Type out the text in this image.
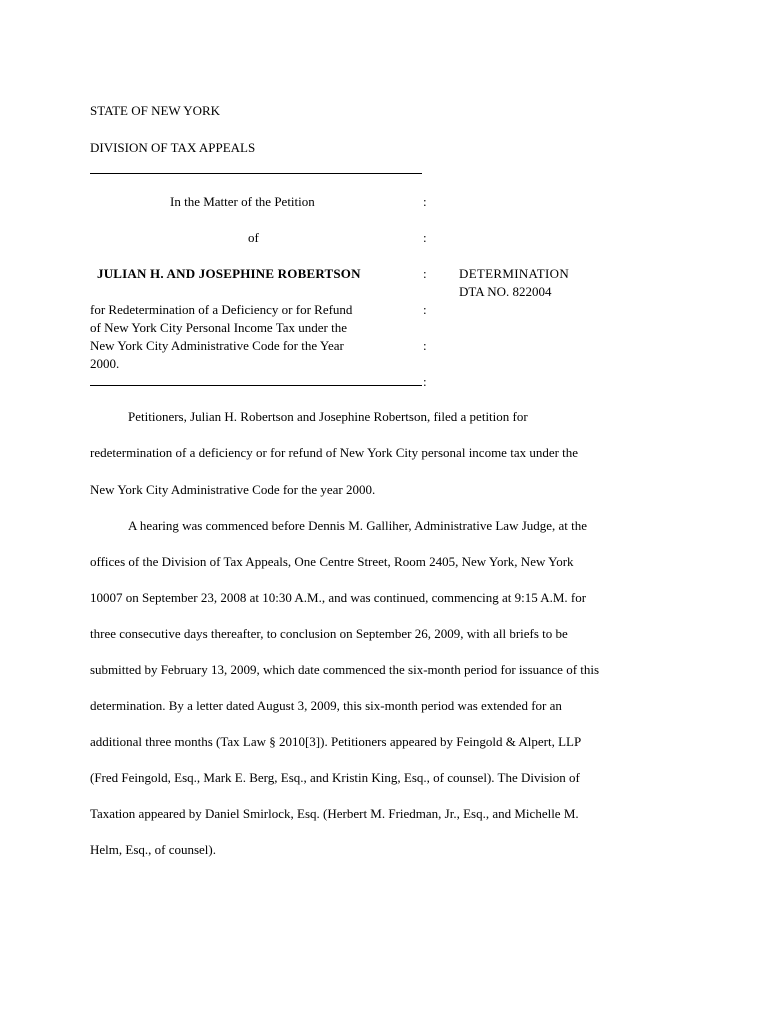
STATE OF NEW YORK
DIVISION OF TAX APPEALS
In the Matter of the Petition
of
JULIAN H. AND JOSEPHINE ROBERTSON
for Redetermination of a Deficiency or for Refund
of New York City Personal Income Tax under the
New York City Administrative Code for the Year
2000.
:
:
:
:
:
:
DETERMINATION
DTA NO. 822004
Petitioners, Julian H. Robertson and Josephine Robertson, filed a petition for
redetermination of a deficiency or for refund of New York City personal income tax under the
New York City Administrative Code for the year 2000.
A hearing was commenced before Dennis M. Galliher, Administrative Law Judge, at the
offices of the Division of Tax Appeals, One Centre Street, Room 2405, New York, New York
10007 on September 23, 2008 at 10:30 A.M., and was continued, commencing at 9:15 A.M. for
three consecutive days thereafter, to conclusion on September 26, 2009, with all briefs to be
submitted by February 13, 2009, which date commenced the six-month period for issuance of this
determination. By a letter dated August 3, 2009, this six-month period was extended for an
additional three months (Tax Law § 2010[3]). Petitioners appeared by Feingold & Alpert, LLP
(Fred Feingold, Esq., Mark E. Berg, Esq., and Kristin King, Esq., of counsel). The Division of
Taxation appeared by Daniel Smirlock, Esq. (Herbert M. Friedman, Jr., Esq., and Michelle M.
Helm, Esq., of counsel).
